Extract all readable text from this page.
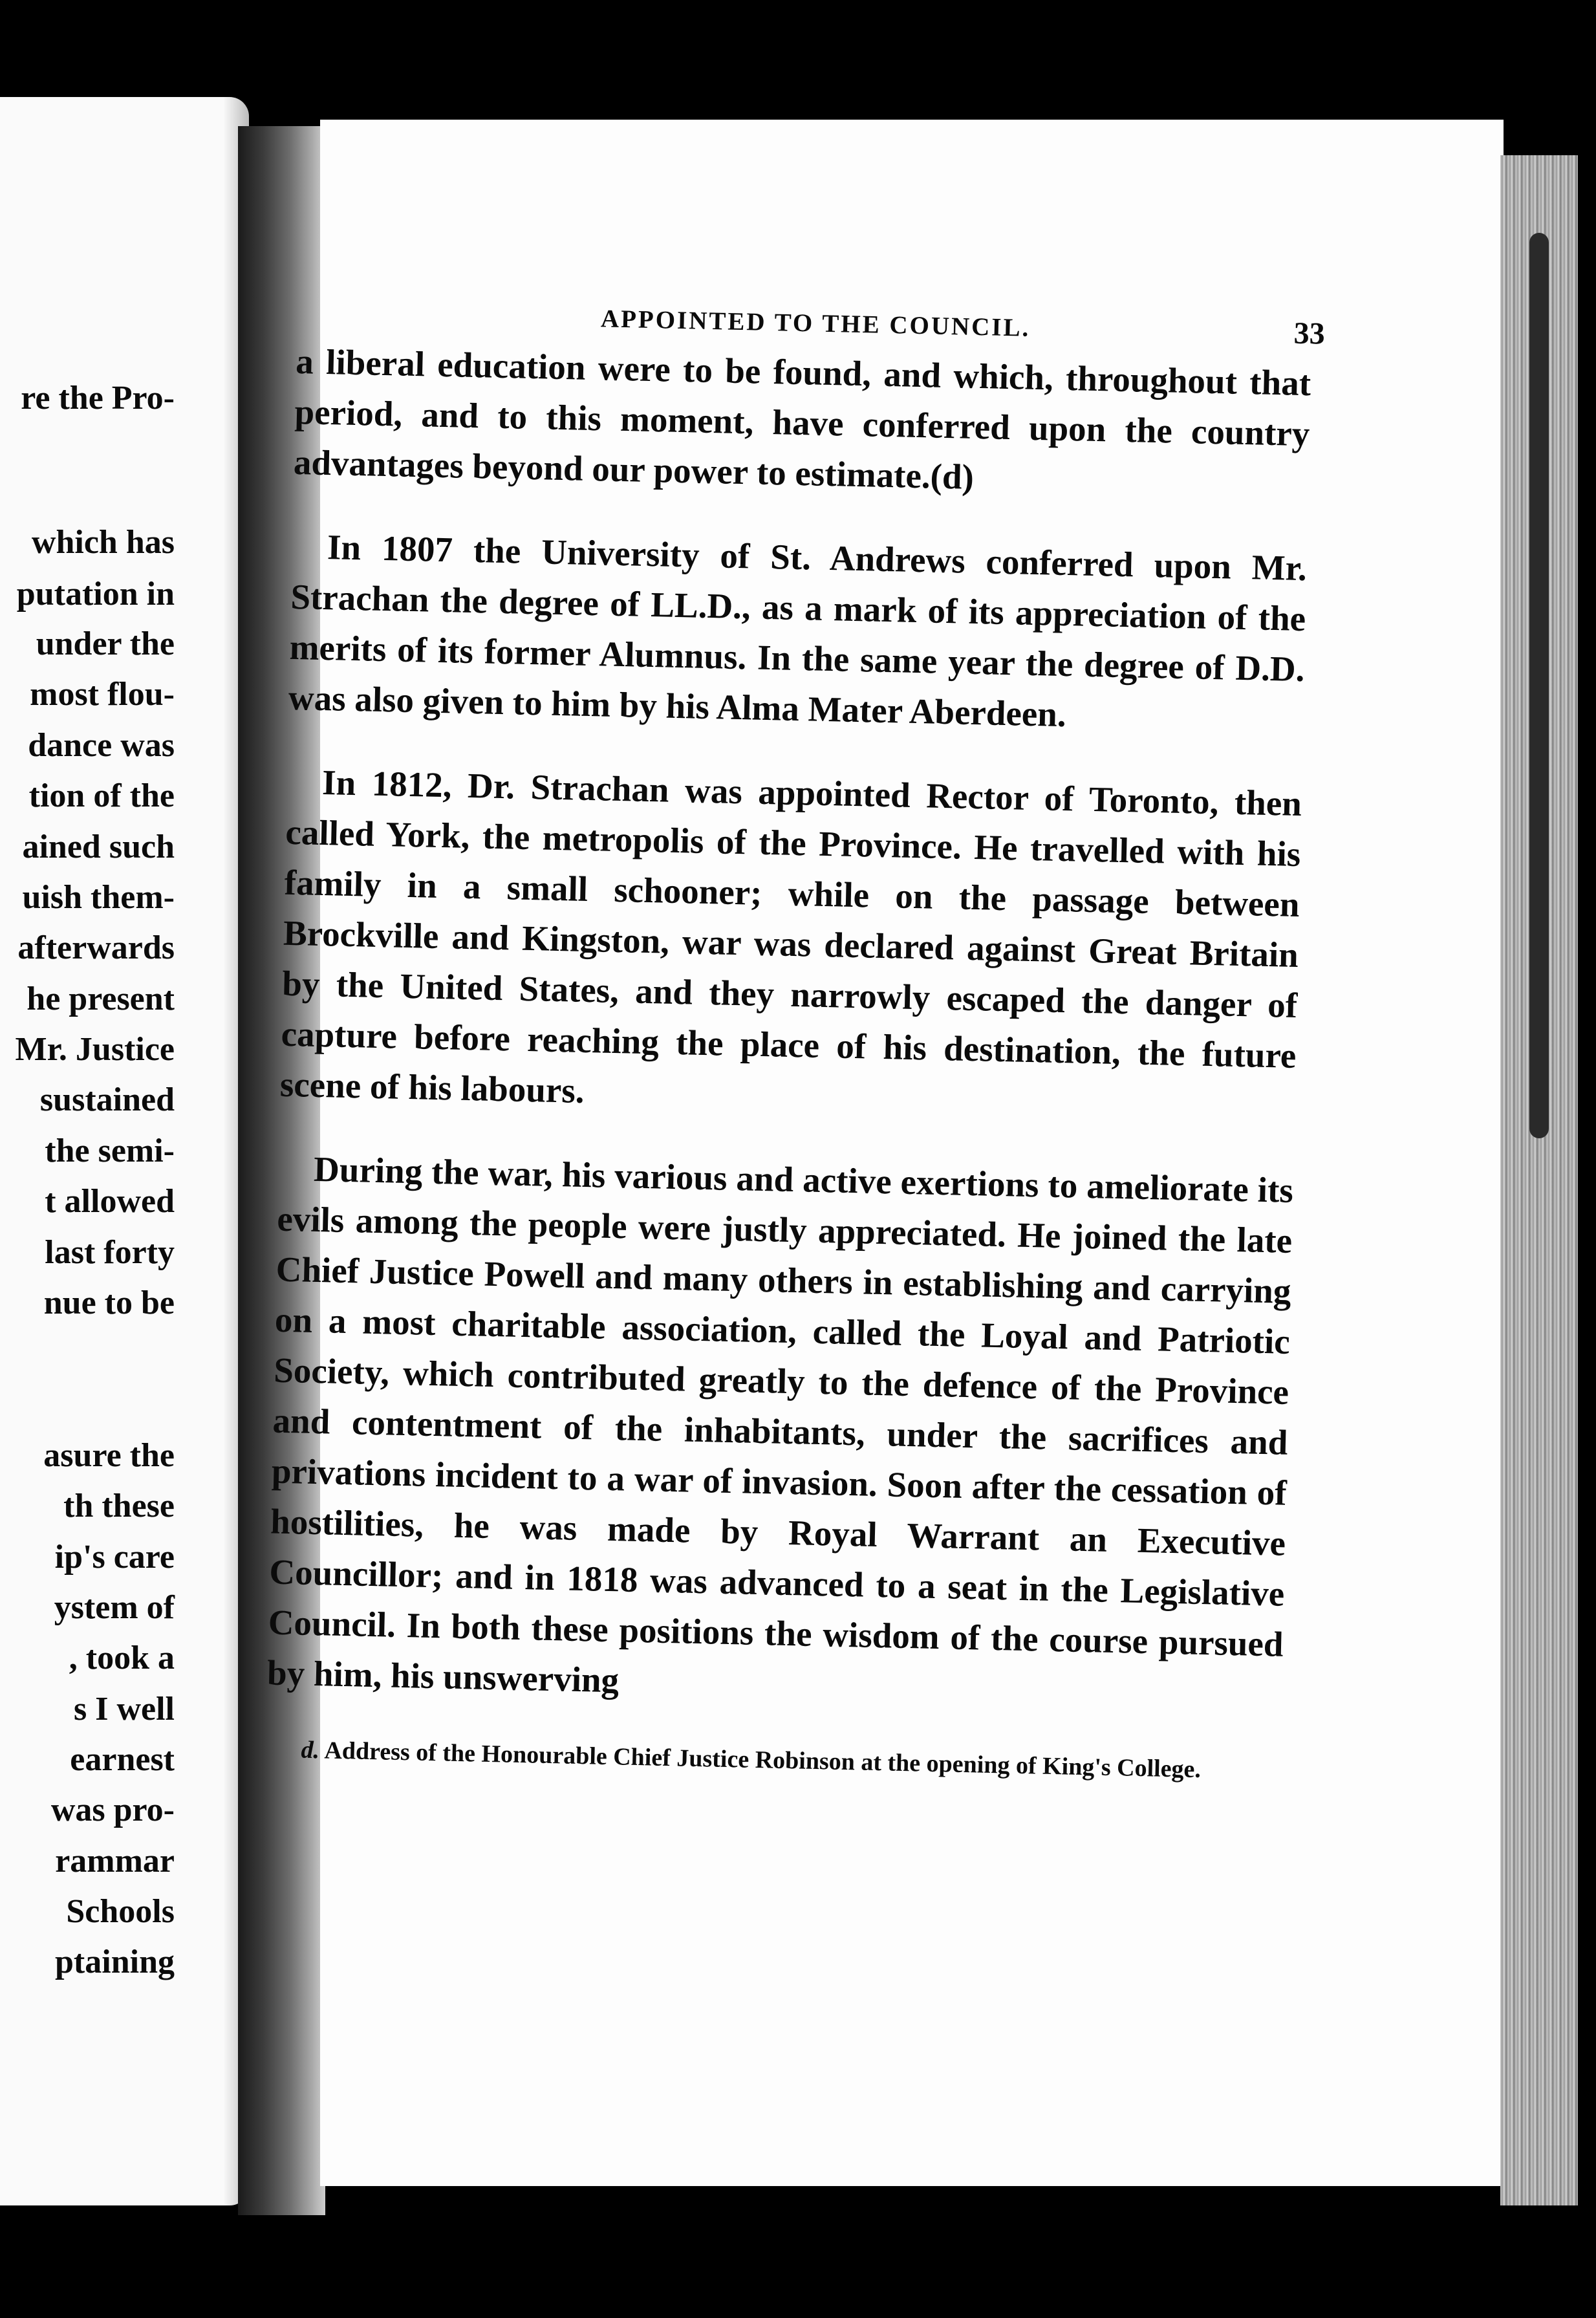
re the Pro-
which has
putation in
under the
most flou-
dance was
tion of the
ained such
uish them-
afterwards
he present
Mr. Justice
sustained
the semi-
t allowed
last forty
nue to be
asure the
th these
ip's care
ystem of
, took a
s I well
earnest
was pro-
rammar
Schools
ptaining
APPOINTED TO THE COUNCIL.	33

a liberal education were to be found, and which, throughout that period, and to this moment, have conferred upon the country advantages beyond our power to estimate.(d)

In 1807 the University of St. Andrews conferred upon Mr. Strachan the degree of LL.D., as a mark of its appreciation of the merits of its former Alumnus. In the same year the degree of D.D. was also given to him by his Alma Mater Aberdeen.

In 1812, Dr. Strachan was appointed Rector of Toronto, then called York, the metropolis of the Province. He travelled with his family in a small schooner; while on the passage between Brockville and Kingston, war was declared against Great Britain by the United States, and they narrowly escaped the danger of capture before reaching the place of his destination, the future scene of his labours.

During the war, his various and active exertions to ameliorate its evils among the people were justly appreciated. He joined the late Chief Justice Powell and many others in establishing and carrying on a most charitable association, called the Loyal and Patriotic Society, which contributed greatly to the defence of the Province and contentment of the inhabitants, under the sacrifices and privations incident to a war of invasion. Soon after the cessation of hostilities, he was made by Royal Warrant an Executive Councillor; and in 1818 was advanced to a seat in the Legislative Council. In both these positions the wisdom of the course pursued by him, his unswerving

d. Address of the Honourable Chief Justice Robinson at the opening of King's College.
